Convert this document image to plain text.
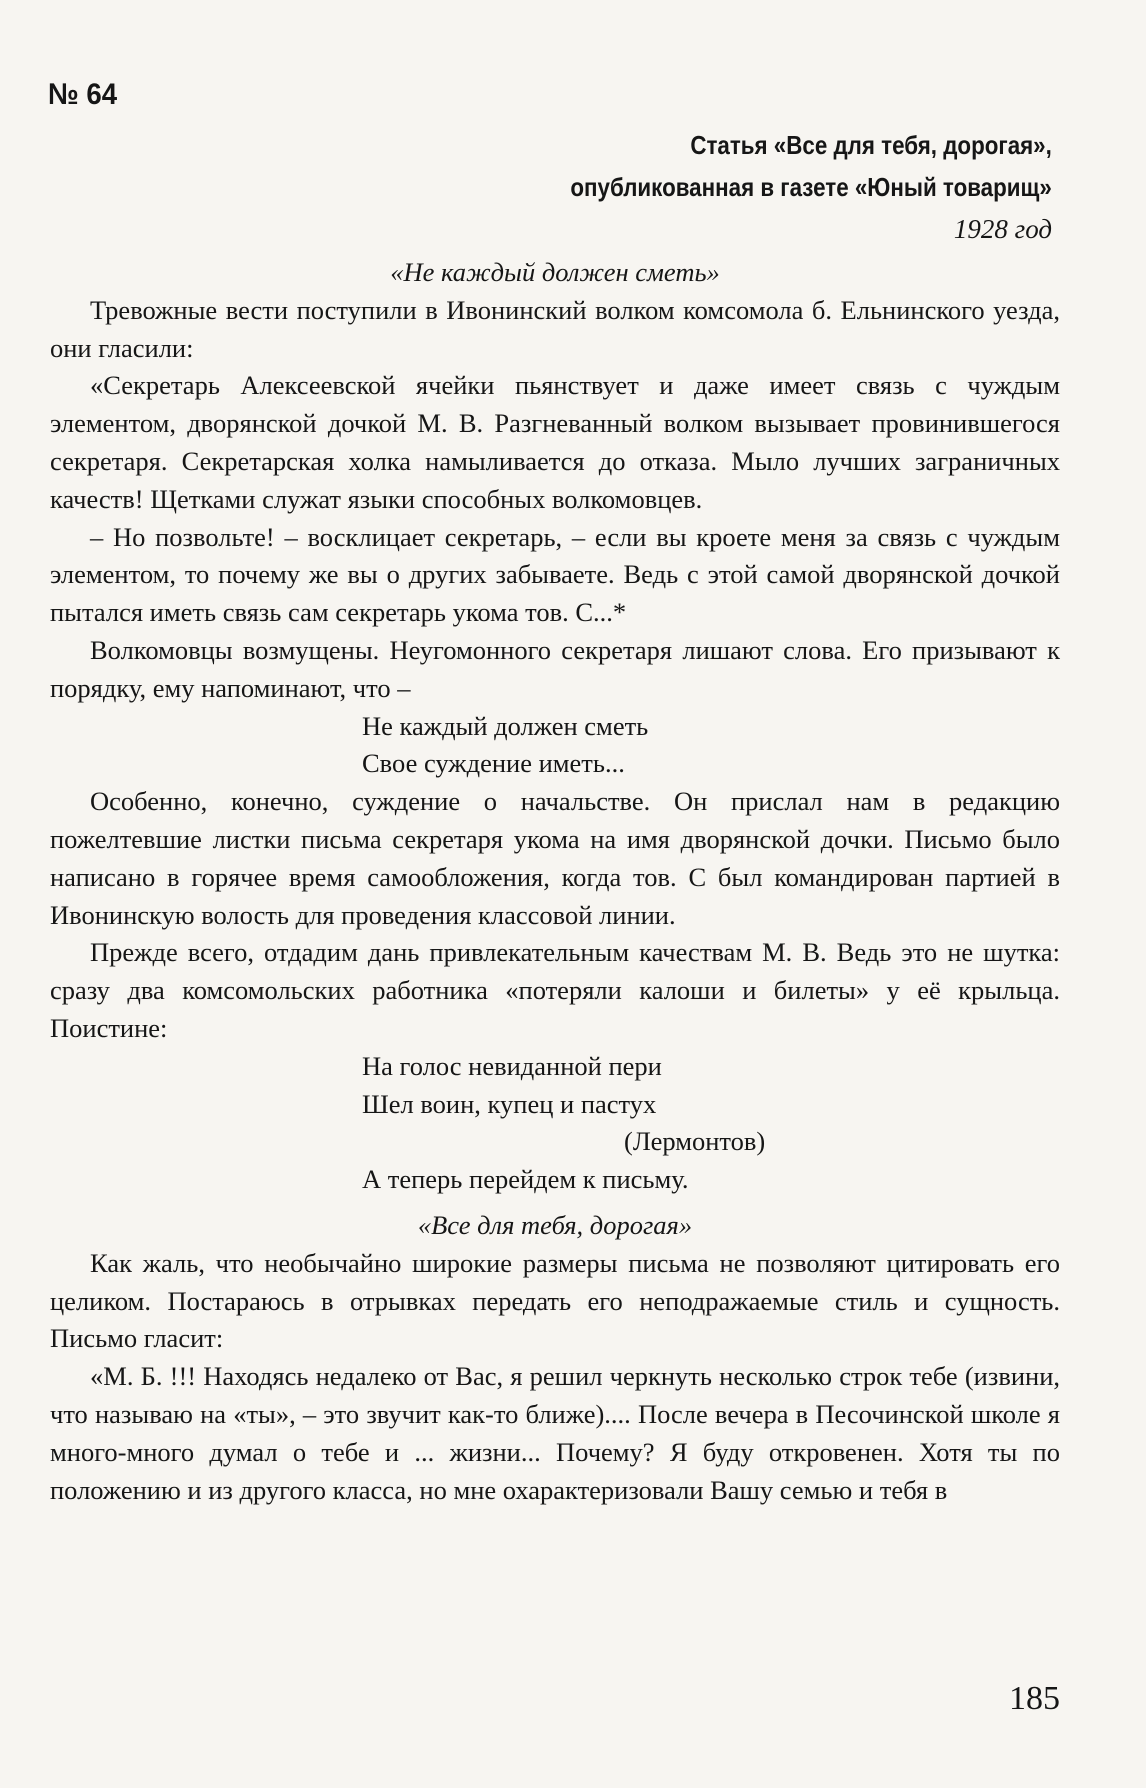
№ 64
Статья «Все для тебя, дорогая»,
опубликованная в газете «Юный товарищ»
1928 год
«Не каждый должен сметь»

Тревожные вести поступили в Ивонинский волком комсомола б. Ельнинского уезда, они гласили:

«Секретарь Алексеевской ячейки пьянствует и даже имеет связь с чуждым элементом, дворянской дочкой М. В. Разгневанный волком вызывает провинившегося секретаря. Секретарская холка намыливается до отказа. Мыло лучших заграничных качеств! Щетками служат языки способных волкомовцев.

– Но позвольте! – восклицает секретарь, – если вы кроете меня за связь с чуждым элементом, то почему же вы о других забываете. Ведь с этой самой дворянской дочкой пытался иметь связь сам секретарь укома тов. С...*

Волкомовцы возмущены. Неугомонного секретаря лишают слова. Его призывают к порядку, ему напоминают, что –

Не каждый должен сметь
Свое суждение иметь...

Особенно, конечно, суждение о начальстве. Он прислал нам в редакцию пожелтевшие листки письма секретаря укома на имя дворянской дочки. Письмо было написано в горячее время самообложения, когда тов. С был командирован партией в Ивонинскую волость для проведения классовой линии.

Прежде всего, отдадим дань привлекательным качествам М. В. Ведь это не шутка: сразу два комсомольских работника «потеряли калоши и билеты» у её крыльца. Поистине:

На голос невиданной пери
Шел воин, купец и пастух
(Лермонтов)
А теперь перейдем к письму.
«Все для тебя, дорогая»

Как жаль, что необычайно широкие размеры письма не позволяют цитировать его целиком. Постараюсь в отрывках передать его неподражаемые стиль и сущность. Письмо гласит:

«М. Б. !!! Находясь недалеко от Вас, я решил черкнуть несколько строк тебе (извини, что называю на «ты», – это звучит как-то ближе).... После вечера в Песочинской школе я много-много думал о тебе и ... жизни... Почему? Я буду откровенен. Хотя ты по положению и из другого класса, но мне охарактеризовали Вашу семью и тебя в

185
